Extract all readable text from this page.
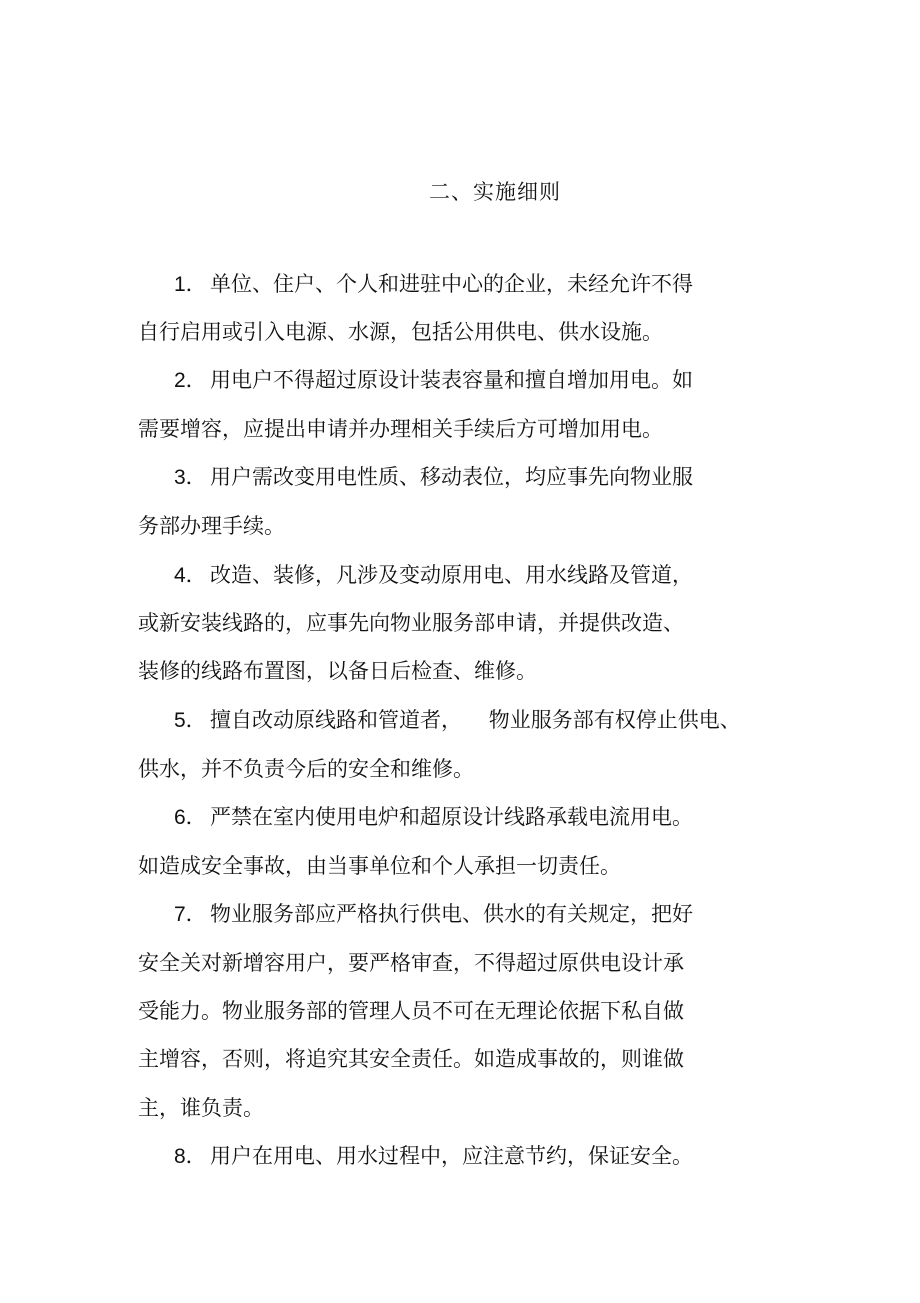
二、实施细则
1． 单位、住户、个人和进驻中心的企业，未经允许不得
自行启用或引入电源、水源，包括公用供电、供水设施。
2． 用电户不得超过原设计装表容量和擅自增加用电。如
需要增容，应提出申请并办理相关手续后方可增加用电。
3． 用户需改变用电性质、移动表位，均应事先向物业服
务部办理手续。
4． 改造、装修，凡涉及变动原用电、用水线路及管道，
或新安装线路的，应事先向物业服务部申请，并提供改造、
装修的线路布置图，以备日后检查、维修。
5． 擅自改动原线路和管道者，    物业服务部有权停止供电、
供水，并不负责今后的安全和维修。
6． 严禁在室内使用电炉和超原设计线路承载电流用电。
如造成安全事故，由当事单位和个人承担一切责任。
7． 物业服务部应严格执行供电、供水的有关规定，把好
安全关对新增容用户，要严格审查，不得超过原供电设计承
受能力。物业服务部的管理人员不可在无理论依据下私自做
主增容，否则，将追究其安全责任。如造成事故的，则谁做
主，谁负责。
8． 用户在用电、用水过程中，应注意节约，保证安全。
